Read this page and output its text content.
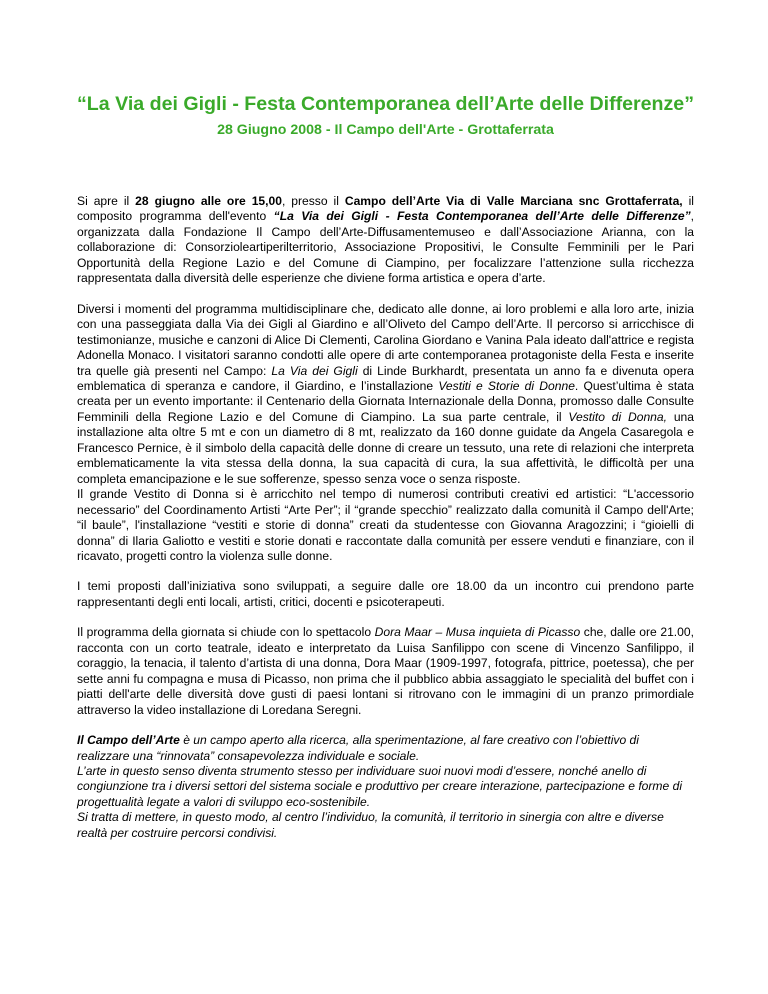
“La Via dei Gigli - Festa Contemporanea dell’Arte delle Differenze”
28 Giugno 2008 - Il Campo dell'Arte - Grottaferrata

Si apre il 28 giugno alle ore 15,00, presso il Campo dell’Arte Via di Valle Marciana snc Grottaferrata, il composito programma dell'evento “La Via dei Gigli - Festa Contemporanea dell’Arte delle Differenze”, organizzata dalla Fondazione Il Campo dell’Arte-Diffusamentemuseo e dall’Associazione Arianna, con la collaborazione di: Consorzioleartiperilterritorio, Associazione Propositivi, le Consulte Femminili per le Pari Opportunità della Regione Lazio e del Comune di Ciampino, per focalizzare l’attenzione sulla ricchezza rappresentata dalla diversità delle esperienze che diviene forma artistica e opera d’arte.

Diversi i momenti del programma multidisciplinare che, dedicato alle donne, ai loro problemi e alla loro arte, inizia con una passeggiata dalla Via dei Gigli al Giardino e all’Oliveto del Campo dell’Arte. Il percorso si arricchisce di testimonianze, musiche e canzoni di Alice Di Clementi, Carolina Giordano e Vanina Pala ideato dall'attrice e regista Adonella Monaco. I visitatori saranno condotti alle opere di arte contemporanea protagoniste della Festa e inserite tra quelle già presenti nel Campo: La Via dei Gigli di Linde Burkhardt, presentata un anno fa e divenuta opera emblematica di speranza e candore, il Giardino, e l’installazione Vestiti e Storie di Donne. Quest’ultima è stata creata per un evento importante: il Centenario della Giornata Internazionale della Donna, promosso dalle Consulte Femminili della Regione Lazio e del Comune di Ciampino. La sua parte centrale, il Vestito di Donna, una installazione alta oltre 5 mt e con un diametro di 8 mt, realizzato da 160 donne guidate da Angela Casaregola e Francesco Pernice, è il simbolo della capacità delle donne di creare un tessuto, una rete di relazioni che interpreta emblematicamente la vita stessa della donna, la sua capacità di cura, la sua affettività, le difficoltà per una completa emancipazione e le sue sofferenze, spesso senza voce o senza risposte.

Il grande Vestito di Donna si è arricchito nel tempo di numerosi contributi creativi ed artistici: “L'accessorio necessario” del Coordinamento Artisti “Arte Per”; il “grande specchio” realizzato dalla comunità il Campo dell'Arte; “il baule”, l'installazione “vestiti e storie di donna” creati da studentesse con Giovanna Aragozzini; i “gioielli di donna” di Ilaria Galiotto e vestiti e storie donati e raccontate dalla comunità per essere venduti e finanziare, con il ricavato, progetti contro la violenza sulle donne.

I temi proposti dall’iniziativa sono sviluppati, a seguire dalle ore 18.00 da un incontro cui prendono parte rappresentanti degli enti locali, artisti, critici, docenti e psicoterapeuti.

Il programma della giornata si chiude con lo spettacolo Dora Maar – Musa inquieta di Picasso che, dalle ore 21.00, racconta con un corto teatrale, ideato e interpretato da Luisa Sanfilippo con scene di Vincenzo Sanfilippo, il coraggio, la tenacia, il talento d’artista di una donna, Dora Maar (1909-1997, fotografa, pittrice, poetessa), che per sette anni fu compagna e musa di Picasso, non prima che il pubblico abbia assaggiato le specialità del buffet con i piatti dell'arte delle diversità dove gusti di paesi lontani si ritrovano con le immagini di un pranzo primordiale attraverso la video installazione di Loredana Seregni.

Il Campo dell’Arte è un campo aperto alla ricerca, alla sperimentazione, al fare creativo con l’obiettivo di realizzare una “rinnovata” consapevolezza individuale e sociale.
L’arte in questo senso diventa strumento stesso per individuare suoi nuovi modi d’essere, nonché anello di congiunzione tra i diversi settori del sistema sociale e produttivo per creare interazione, partecipazione e forme di progettualità legate a valori di sviluppo eco-sostenibile.
Si tratta di mettere, in questo modo, al centro l’individuo, la comunità, il territorio in sinergia con altre e diverse realtà per costruire percorsi condivisi.
